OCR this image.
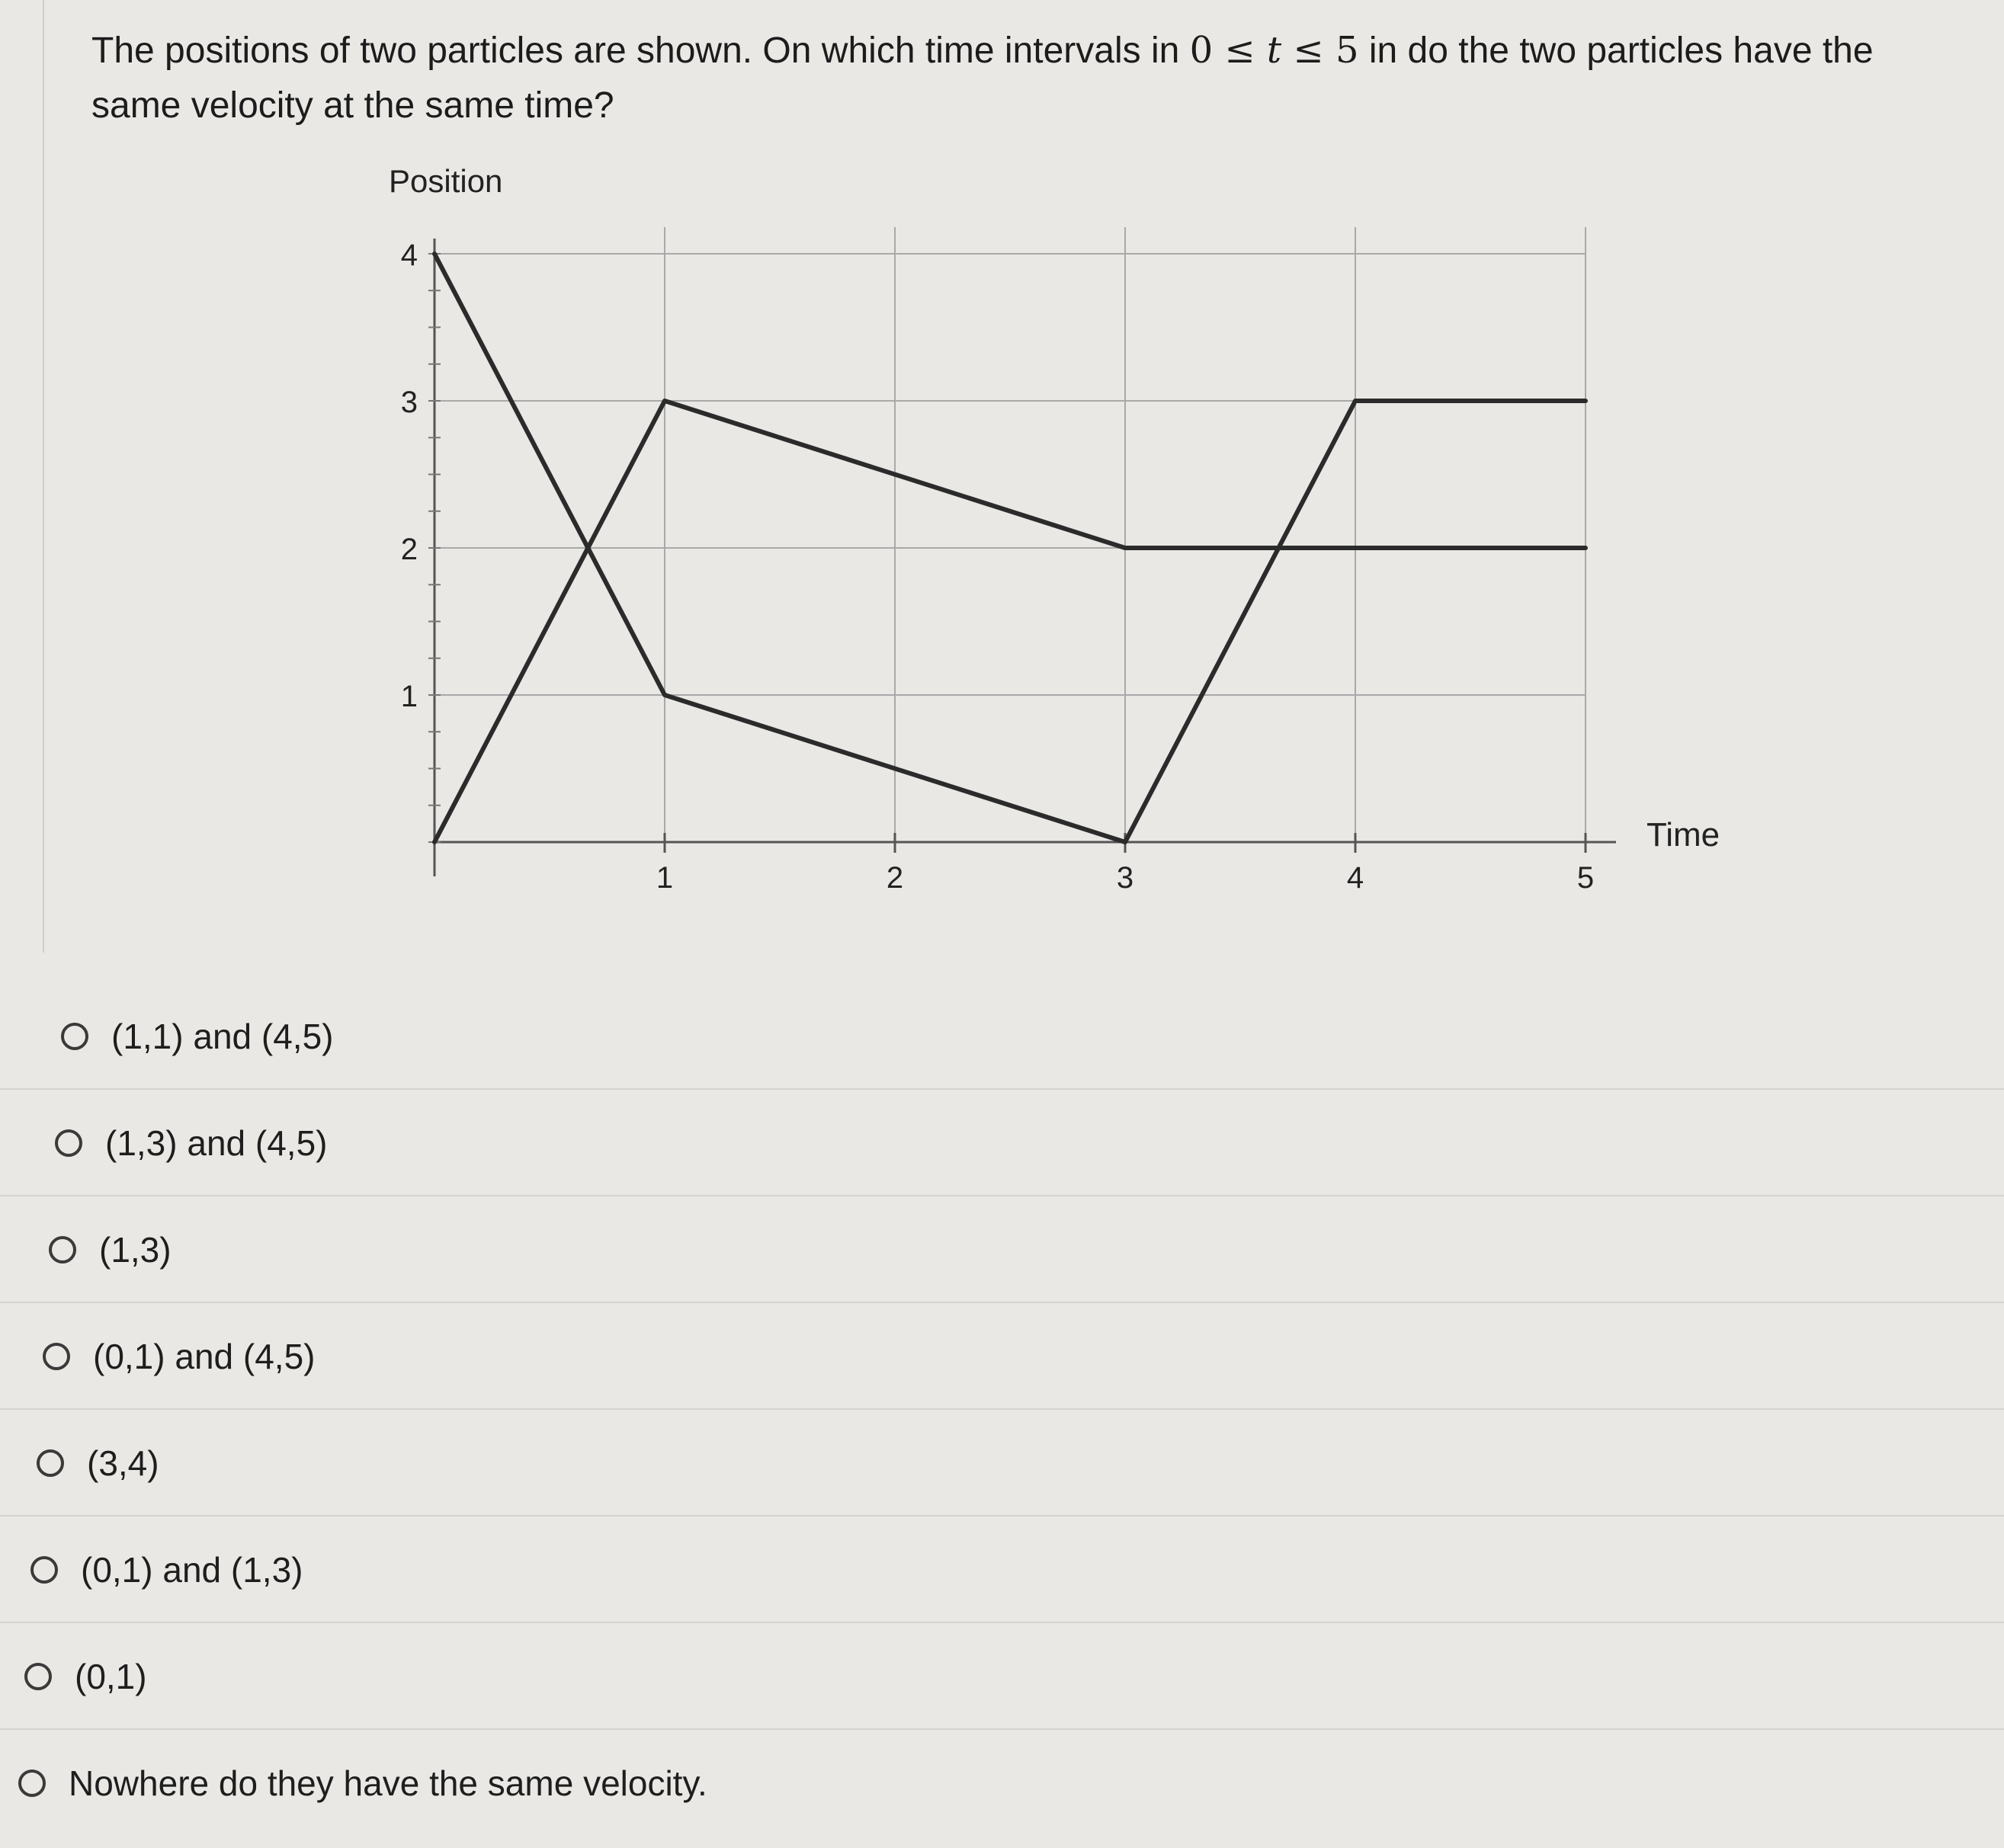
The positions of two particles are shown. On which time intervals in 0 ≤ t ≤ 5 in do the two particles have the same velocity at the same time?
1
2
3
4
1	2	3	4	5
Position
Time
(1,1) and (4,5)
(1,3) and (4,5)
(1,3)
(0,1) and (4,5)
(3,4)
(0,1) and (1,3)
(0,1)
Nowhere do they have the same velocity.
